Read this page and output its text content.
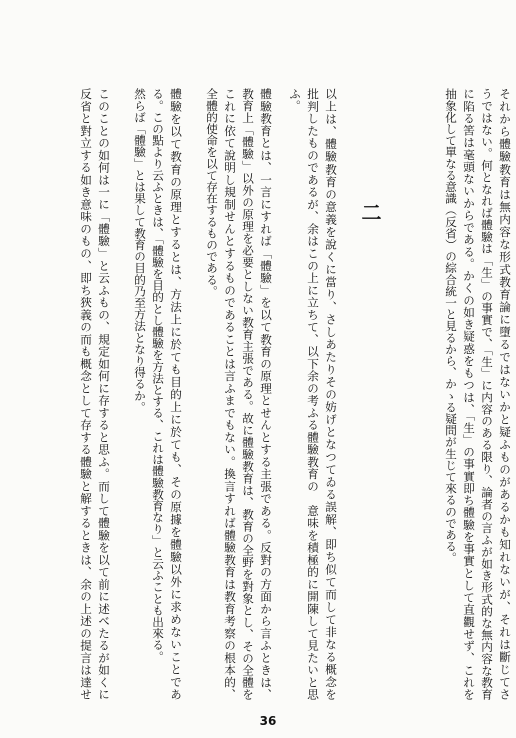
それから體驗教育は無内容な形式教育論に墮るではないかと疑ふものがあるかも知れないが、それは斷じてさ
うではない。何となれば體驗は「生」の事實で、「生」に内容のある限り、論者の言ふが如き形式的な無内容な教育
に陷る筈は毫頭ないからである。かくの如き疑惑をもつは、「生」の事實即ち體驗を事實として直觀せず、これを
抽象化して單なる意識（反省）の綜合統一と見るから、かゝる疑問が生じて來るのである。
二
以上は、體驗教育の意義を說くに當り、さしあたりその妨げとなつてゐる誤解、即ち似て而して非なる概念を
批判したものであるが、余はこの上に立ちて、以下余の考ふる體驗教育の　意味を積極的に開陳して見たいと思
ふ。
體驗教育とは、一言にすれば「體驗」を以て教育の原理とせんとする主張である。反對の方面から言ふときは、
教育上「體驗」以外の原理を必要としない教育主張である。故に體驗教育は、教育の全野を對象とし、その全體を
これに依て說明し規制せんとするものであることは言ふまでもない。換言すれば體驗教育は教育考察の根本的、
全體的使命を以て存在するものである。
體驗を以て教育の原理とするとは、方法上に於ても目的上に於ても、その原據を體驗以外に求めないことであ
る。この點より云ふときは、「體驗を目的とし體驗を方法とする、これは體驗教育なり」と云ふことも出來る。
然らば「體驗」とは果して教育の目的乃至方法となり得るか。
このことの如何は一に「體驗」と云ふもの、規定如何に存すると思ふ。而して體驗を以て前に述べたるが如くに
反省と對立する如き意味のもの、即ち狹義の而も概念として存する體驗と解するときは、余の上述の提言は達せ
36
